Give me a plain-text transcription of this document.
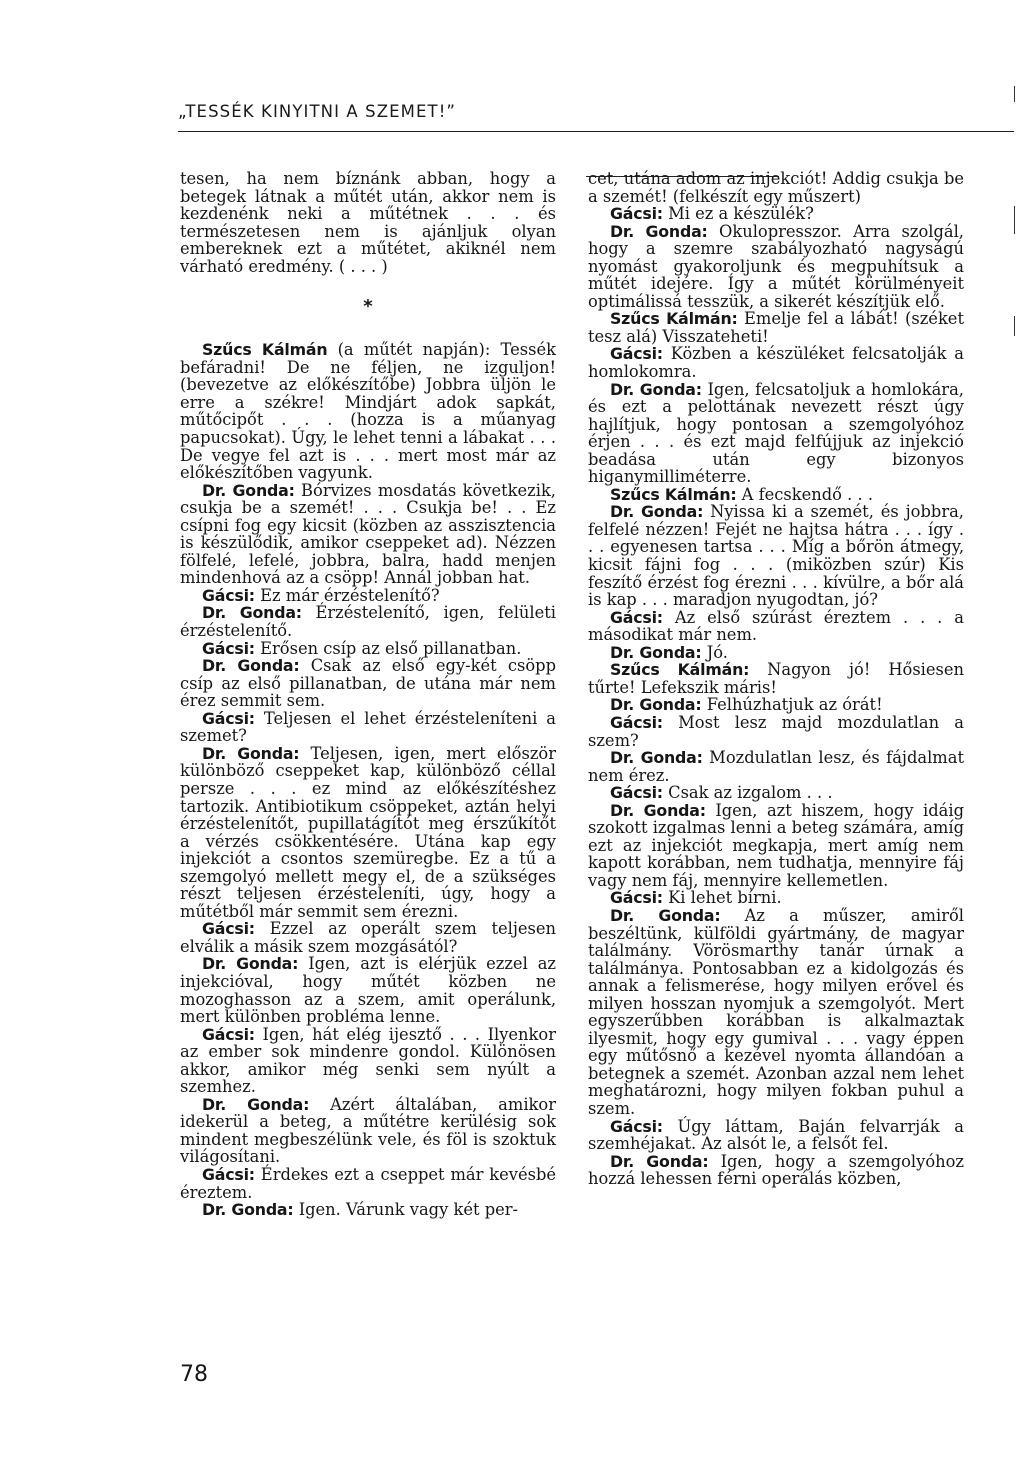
„TESSÉK KINYITNI A SZEMET!”

tesen, ha nem bíznánk abban, hogy a betegek látnak a műtét után, akkor nem is kezdenénk neki a műtétnek . . . és természetesen nem is ajánljuk olyan embereknek ezt a műtétet, akiknél nem várható eredmény. ( . . . )

*

Szűcs Kálmán (a műtét napján): Tessék befáradni! De ne féljen, ne izguljon! (bevezetve az előkészítőbe) Jobbra üljön le erre a székre! Mindjárt adok sapkát, műtőcipőt . . . (hozza is a műanyag papucsokat). Úgy, le lehet tenni a lábakat . . . De vegye fel azt is . . . mert most már az előkészítőben vagyunk.

Dr. Gonda: Bórvizes mosdatás következik, csukja be a szemét! . . . Csukja be! . . Ez csípni fog egy kicsit (közben az asszisztencia is készülődik, amikor cseppeket ad). Nézzen fölfelé, lefelé, jobbra, balra, hadd menjen mindenhová az a csöpp! Annál jobban hat.

Gácsi: Ez már érzéstelenítő?

Dr. Gonda: Érzéstelenítő, igen, felületi érzéstelenítő.

Gácsi: Erősen csíp az első pillanatban.

Dr. Gonda: Csak az első egy-két csöpp csíp az első pillanatban, de utána már nem érez semmit sem.

Gácsi: Teljesen el lehet érzésteleníteni a szemet?

Dr. Gonda: Teljesen, igen, mert először különböző cseppeket kap, különböző céllal persze . . . ez mind az előkészítéshez tartozik. Antibiotikum csöppeket, aztán helyi érzéstelenítőt, pupillatágítót meg érszűkítőt a vérzés csökkentésére. Utána kap egy injekciót a csontos szemüregbe. Ez a tű a szemgolyó mellett megy el, de a szükséges részt teljesen érzésteleníti, úgy, hogy a műtétből már semmit sem érezni.

Gácsi: Ezzel az operált szem teljesen elválik a másik szem mozgásától?

Dr. Gonda: Igen, azt is elérjük ezzel az injekcióval, hogy műtét közben ne mozoghasson az a szem, amit operálunk, mert különben probléma lenne.

Gácsi: Igen, hát elég ijesztő . . . Ilyenkor az ember sok mindenre gondol. Különösen akkor, amikor még senki sem nyúlt a szemhez.

Dr. Gonda: Azért általában, amikor idekerül a beteg, a műtétre kerülésig sok mindent megbeszélünk vele, és föl is szoktuk világosítani.

Gácsi: Érdekes ezt a cseppet már kevésbé éreztem.

Dr. Gonda: Igen. Várunk vagy két per-

cet, utána adom az injekciót! Addig csukja be a szemét! (felkészít egy műszert)

Gácsi: Mi ez a készülék?

Dr. Gonda: Okulopresszor. Arra szolgál, hogy a szemre szabályozható nagyságú nyomást gyakoroljunk és megpuhítsuk a műtét idejére. Így a műtét körülményeit optimálissá tesszük, a sikerét készítjük elő.

Szűcs Kálmán: Emelje fel a lábát! (széket tesz alá) Visszateheti!

Gácsi: Közben a készüléket felcsatolják a homlokomra.

Dr. Gonda: Igen, felcsatoljuk a homlokára, és ezt a pelottának nevezett részt úgy hajlítjuk, hogy pontosan a szemgolyóhoz érjen . . . és ezt majd felfújjuk az injekció beadása után egy bizonyos higanymilliméterre.

Szűcs Kálmán: A fecskendő . . .

Dr. Gonda: Nyissa ki a szemét, és jobbra, felfelé nézzen! Fejét ne hajtsa hátra . . . így . . . egyenesen tartsa . . . Míg a bőrön átmegy, kicsit fájni fog . . . (miközben szúr) Kis feszítő érzést fog érezni . . . kívülre, a bőr alá is kap . . . maradjon nyugodtan, jó?

Gácsi: Az első szúrást éreztem . . . a másodikat már nem.

Dr. Gonda: Jó.

Szűcs Kálmán: Nagyon jó! Hősiesen tűrte! Lefekszik máris!

Dr. Gonda: Felhúzhatjuk az órát!

Gácsi: Most lesz majd mozdulatlan a szem?

Dr. Gonda: Mozdulatlan lesz, és fájdalmat nem érez.

Gácsi: Csak az izgalom . . .

Dr. Gonda: Igen, azt hiszem, hogy idáig szokott izgalmas lenni a beteg számára, amíg ezt az injekciót megkapja, mert amíg nem kapott korábban, nem tudhatja, mennyire fáj vagy nem fáj, mennyire kellemetlen.

Gácsi: Ki lehet bírni.

Dr. Gonda: Az a műszer, amiről beszéltünk, külföldi gyártmány, de magyar találmány. Vörösmarthy tanár úrnak a találmánya. Pontosabban ez a kidolgozás és annak a felismerése, hogy milyen erővel és milyen hosszan nyomjuk a szemgolyót. Mert egyszerűbben korábban is alkalmaztak ilyesmit, hogy egy gumival . . . vagy éppen egy műtősnő a kezével nyomta állandóan a betegnek a szemét. Azonban azzal nem lehet meghatározni, hogy milyen fokban puhul a szem.

Gácsi: Úgy láttam, Baján felvarrják a szemhéjakat. Az alsót le, a felsőt fel.

Dr. Gonda: Igen, hogy a szemgolyóhoz hozzá lehessen férni operálás közben,

78
